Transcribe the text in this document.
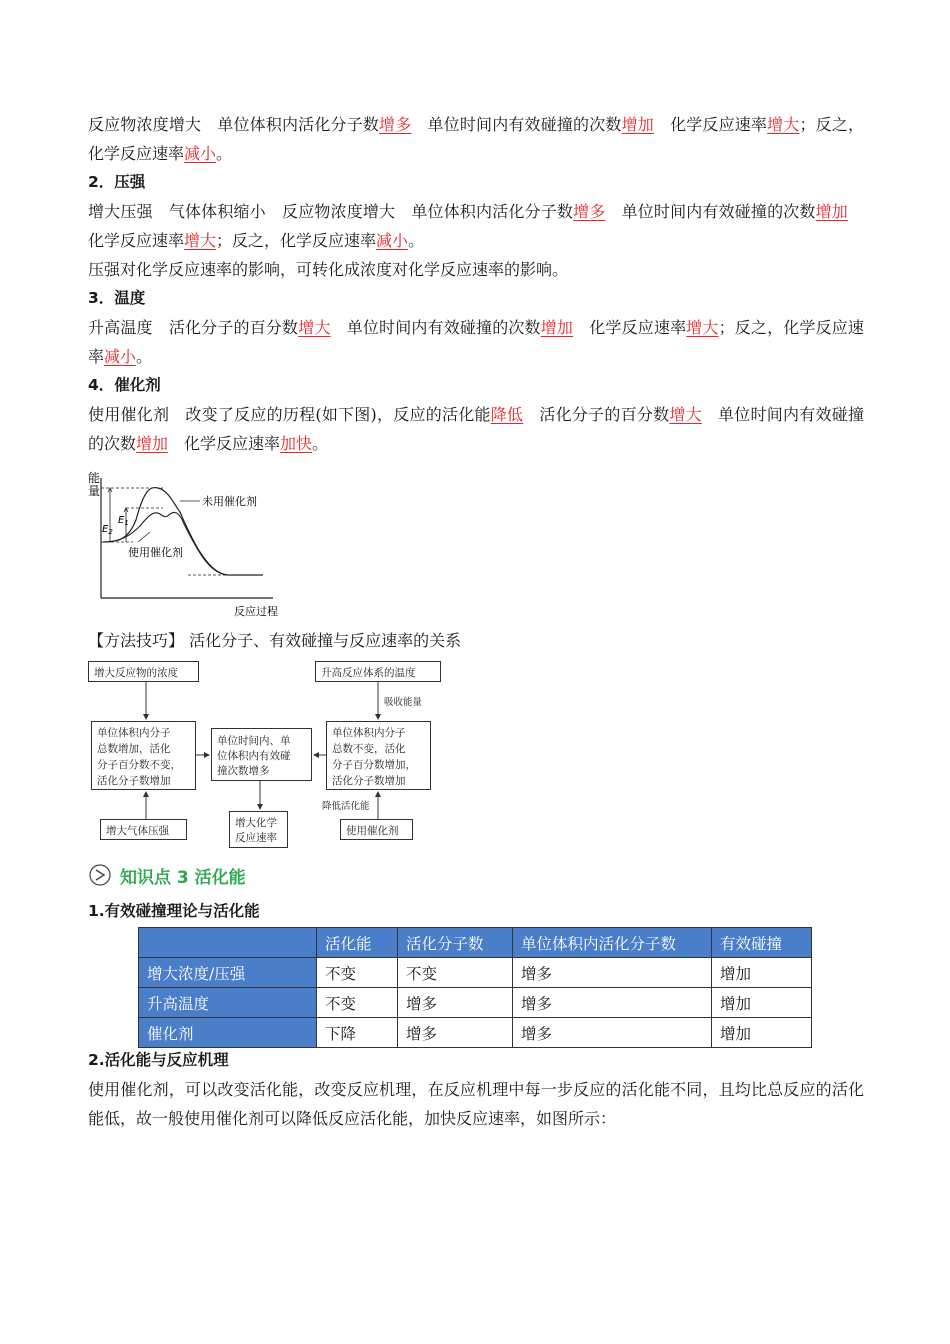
反应物浓度增大　单位体积内活化分子数增多　单位时间内有效碰撞的次数增加　化学反应速率增大；反之，化学反应速率减小。

2．压强

增大压强　气体体积缩小　反应物浓度增大　单位体积内活化分子数增多　单位时间内有效碰撞的次数增加　化学反应速率增大；反之，化学反应速率减小。

压强对化学反应速率的影响，可转化成浓度对化学反应速率的影响。

3．温度

升高温度　活化分子的百分数增大　单位时间内有效碰撞的次数增加　化学反应速率增大；反之，化学反应速率减小。

4．催化剂

使用催化剂　改变了反应的历程(如下图)，反应的活化能降低　活化分子的百分数增大　单位时间内有效碰撞的次数增加　化学反应速率加快。

能
量
$E_1$
$E_2$
未用催化剂
使用催化剂
反应过程
【方法技巧】 活化分子、有效碰撞与反应速率的关系
增大反应物的浓度	升高反应体系的温度
单位体积内分子
总数增加，活化
分子百分数不变，
活化分子数增加
单位时间内、单
位体积内有效碰
撞次数增多
单位体积内分子
总数不变，活化
分子百分数增加，
活化分子数增加
增大气体压强
增大化学
反应速率
使用催化剂
吸收能量
降低活化能
知识点 3 活化能

1.有效碰撞理论与活化能

	活化能	活化分子数	单位体积内活化分子数	有效碰撞
增大浓度/压强	不变	不变	增多	增加
升高温度	不变	增多	增多	增加
催化剂	下降	增多	增多	增加

2.活化能与反应机理

使用催化剂，可以改变活化能，改变反应机理，在反应机理中每一步反应的活化能不同，且均比总反应的活化能低，故一般使用催化剂可以降低反应活化能，加快反应速率，如图所示：
